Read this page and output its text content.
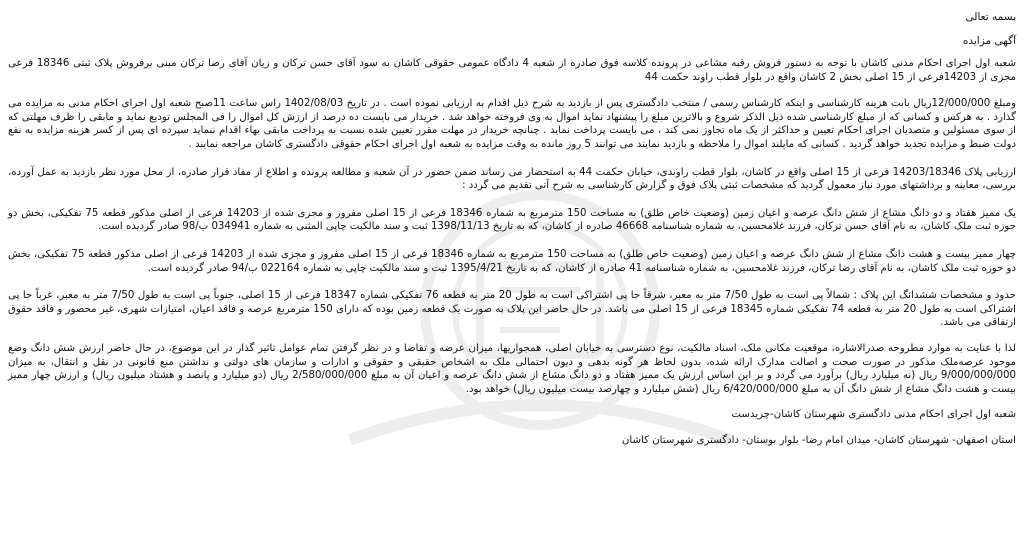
بسمه تعالی
آگهی مزایده

شعبه اول اجرای احکام مدنی کاشان با توجه به دستور فروش رقبه مشاعی در پرونده کلاسه فوق صادره از شعبه 4 دادگاه عمومی حقوقی کاشان به سود آقای حسن ترکان و زیان آقای رضا ترکان مبنی برفروش پلاک ثبتی 18346 فرعی مجزی از 14203فرعی از 15 اصلی بخش 2 کاشان واقع در بلوار قطب راوند حکمت 44

ومبلغ 12/000/000ریال بابت هزینه کارشناسی و اینکه کارشناس رسمی / منتخب دادگستری پس از بازدید به شرح ذیل اقدام به ارزیابی نموده است . در تاریخ 1402/08/03 راس ساعت 11صبح شعبه اول اجرای احکام مدنی به مزایده می گذارد . به هرکس و کسانی که از مبلغ کارشناسی شده ذیل الذکر شروع و بالاترین مبلغ را پیشنهاد نماید اموال به وی فروخته خواهد شد . خریدار می بایست ده درصد از ارزش کل اموال را فی المجلس تودیع نماید و مابقی را ظرف مهلتی که از سوی مسئولین و متصدیان اجرای احکام تعیین و حداکثر از یک ماه تجاوز نمی کند ، می بایست پرداخت نماید . چنانچه خریدار در مهلت مقرر تعیین شده نسبت به پرداخت مابقی بهاء اقدام ننماید سپرده ای پس از کسر هزینه مزایده به نفع دولت ضبط و مزایده تجدید خواهد گردید . کسانی که مایلند اموال را ملاحظه و بازدید نمایند می توانند 5 روز مانده به وقت مزایده به شعبه اول اجرای احکام حقوقی دادگستری کاشان مراجعه نمایند .

ارزیابی پلاک 14203/18346 فرعی از 15 اصلی واقع در کاشان، بلوار قطب راوندی، خیابان حکمت 44 به استحضار می رساند ضمن حضور در آن شعبه و مطالعه پرونده و اطلاع از مفاد قرار صادره، از محل مورد نظر بازدید به عمل آورده، بررسی، معاینه و برداشتهای مورد نیاز معمول گردید که مشخصات ثبتی پلاک فوق و گزارش کارشناسی به شرح آتی تقدیم می گردد :

یک ممیز هفتاد و دو دانگ مشاع از شش دانگ عرصه و اعیان زمین (وضعیت خاص طلق) به مساحت 150 مترمربع به شماره 18346 فرعی از 15 اصلی مفروز و مجزی شده از 14203 فرعی از اصلی مذکور قطعه 75 تفکیکی، بخش دو حوزه ثبت ملک کاشان، به نام آقای حسن ترکان، فرزند غلامحسین، به شماره شناسنامه 46668 صادره از کاشان، که به تاریخ 1398/11/13 ثبت و سند مالکیت چاپی المثنی به شماره 034941 ب/98 صادر گردیده است.

چهار ممیز بیست و هشت دانگ مشاع از شش دانگ عرصه و اعیان زمین (وضعیت خاص طلق) به مساحت 150 مترمربع به شماره 18346 فرعی از 15 اصلی مفروز و مجزی شده از 14203 فرعی از اصلی مذکور قطعه 75 تفکیکی، بخش دو حوزه ثبت ملک کاشان، به نام آقای رضا ترکان، فرزند غلامحسین، به شماره شناسنامه 41 صادره از کاشان، که به تاریخ 1395/4/21 ثبت و سند مالکیت چاپی به شماره 022164 ب/94 صادر گردیده است.

حدود و مشخصات ششدانگ این پلاک : شمالاً پی است به طول 7/50 متر به معبر، شرقاً جا پی اشتراکی است به طول 20 متر به قطعه 76 تفکیکی شماره 18347 فرعی از 15 اصلی، جنوباً پی است به طول 7/50 متر به معبر، غرباً جا پی اشتراکی است به طول 20 متر به قطعه 74 تفکیکی شماره 18345 فرعی از 15 اصلی می باشد. در حال حاضر این پلاک به صورت یک قطعه زمین بوده که دارای 150 مترمربع عرصه و فاقد اعیان، امتیازات شهری، غیر محصور و فاقد حقوق ارتفاقی می باشد.

لذا با عنایت به موارد مطروحه صدرالاشاره، موقعیت مکانی ملک، اسناد مالکیت، نوع دسترسی به خیابان اصلی، همجواریها، میزان عرضه و تقاضا و در نظر گرفتن تمام عوامل تاثیر گذار در این موضوع، در حال حاضر ارزش شش دانگ وضع موجود عرصه‌ملک مذکور در صورت صحت و اصالت مدارک ارائه شده، بدون لحاظ هر گونه بدهی و دیون احتمالی ملک به اشخاص حقیقی و حقوقی و ادارات و سازمان های دولتی و نداشتن منع قانونی در نقل و انتقال، به میزان 9/000/000/000 ریال (نه میلیارد ریال) برآورد می گردد و بر این اساس ارزش یک ممیز هفتاد و دو دانگ مشاع از شش دانگ عرصه و اعیان آن به مبلغ 2/580/000/000 ریال (دو میلیارد و پانصد و هشتاد میلیون ریال) و ارزش چهار ممیز بیست و هشت دانگ مشاع از شش دانگ آن به مبلغ 6/420/000/000 ریال (شش میلیارد و چهارصد بیست میلیون ریال) خواهد بود.

شعبه اول اجرای احکام مدنی دادگستری شهرستان کاشان-چریدست

استان اصفهان- شهرستان کاشان- میدان امام رضا- بلوار بوستان- دادگستری شهرستان کاشان
